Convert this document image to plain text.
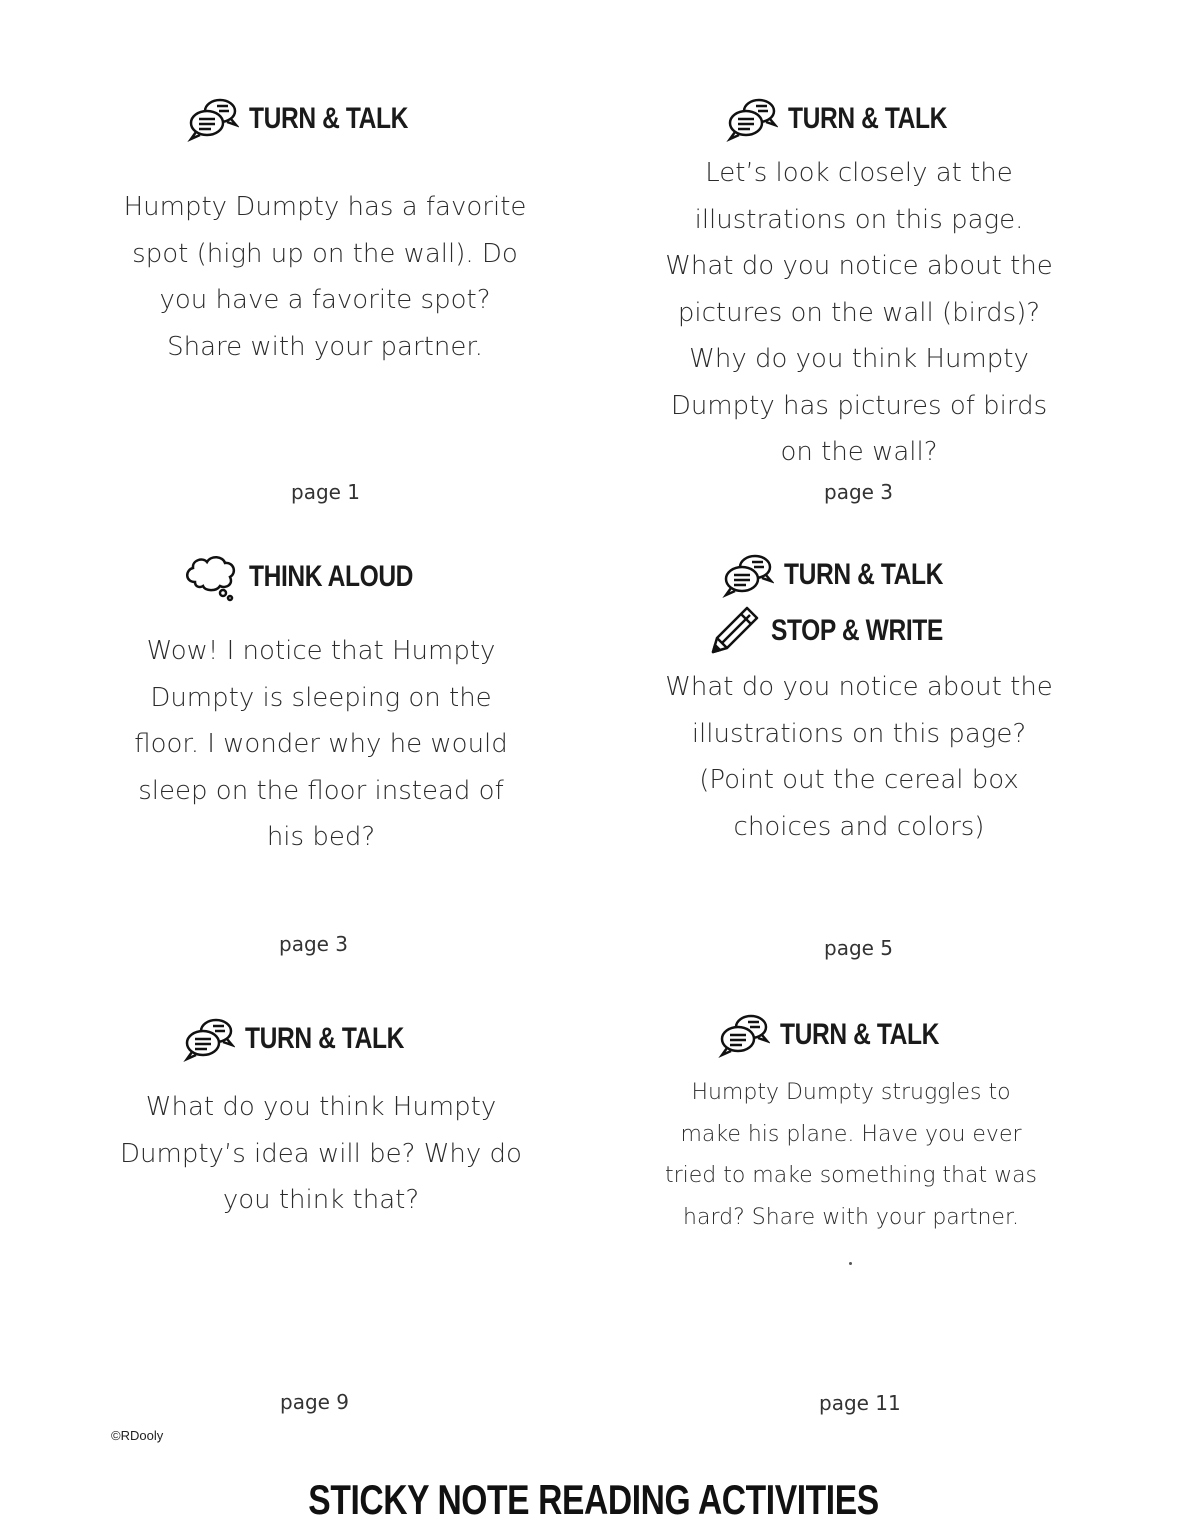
TURN & TALK

Humpty Dumpty has a favorite
spot (high up on the wall). Do
you have a favorite spot?
Share with your partner.

page 1
TURN & TALK

Let’s look closely at the
illustrations on this page.
What do you notice about the
pictures on the wall (birds)?
Why do you think Humpty
Dumpty has pictures of birds
on the wall?

page 3
THINK ALOUD

Wow! I notice that Humpty
Dumpty is sleeping on the
floor. I wonder why he would
sleep on the floor instead of
his bed?

page 3
TURN & TALK
STOP & WRITE

What do you notice about the
illustrations on this page?
(Point out the cereal box
choices and colors)

page 5
TURN & TALK

What do you think Humpty
Dumpty’s idea will be? Why do
you think that?

page 9
TURN & TALK

Humpty Dumpty struggles to
make his plane. Have you ever
tried to make something that was
hard? Share with your partner.

page 11
©RDooly
STICKY NOTE READING ACTIVITIES
